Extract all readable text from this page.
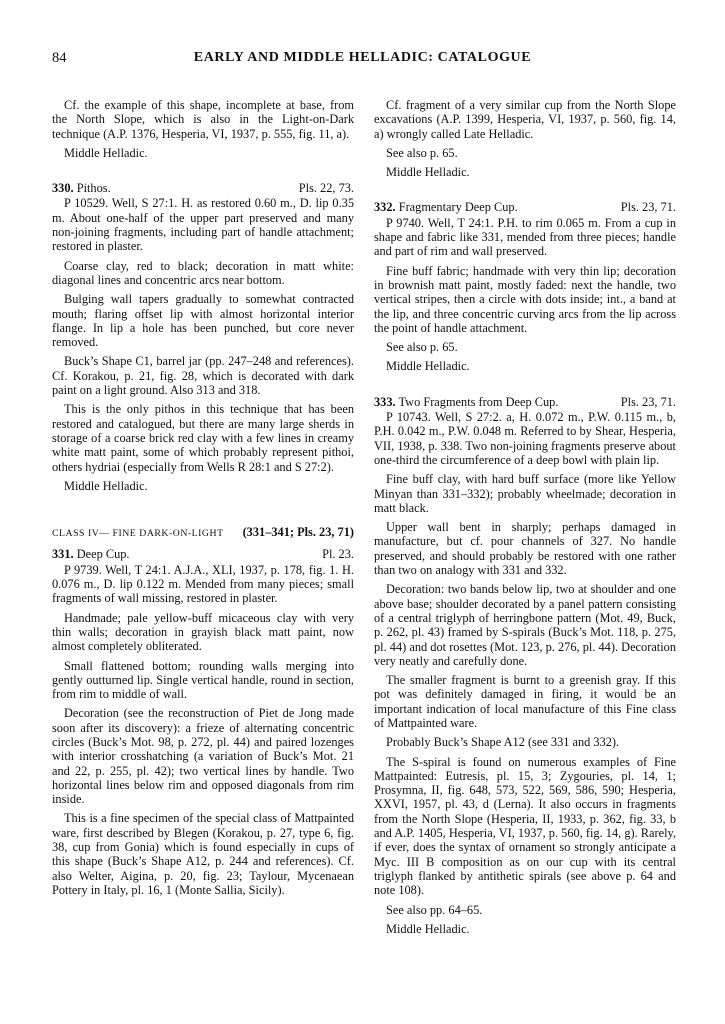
84	EARLY AND MIDDLE HELLADIC: CATALOGUE

Cf. the example of this shape, incomplete at base, from the North Slope, which is also in the Light-on-Dark technique (A.P. 1376, Hesperia, VI, 1937, p. 555, fig. 11, a).

Middle Helladic.

330. Pithos.	Pls. 22, 73.

P 10529. Well, S 27:1. H. as restored 0.60 m., D. lip 0.35 m. About one-half of the upper part preserved and many non-joining fragments, including part of handle attachment; restored in plaster.

Coarse clay, red to black; decoration in matt white: diagonal lines and concentric arcs near bottom.

Bulging wall tapers gradually to somewhat contracted mouth; flaring offset lip with almost horizontal interior flange. In lip a hole has been punched, but core never removed.

Buck’s Shape C1, barrel jar (pp. 247–248 and references). Cf. Korakou, p. 21, fig. 28, which is decorated with dark paint on a light ground. Also 313 and 318.

This is the only pithos in this technique that has been restored and catalogued, but there are many large sherds in storage of a coarse brick red clay with a few lines in creamy white matt paint, some of which probably represent pithoi, others hydriai (especially from Wells R 28:1 and S 27:2).

Middle Helladic.

CLASS IV— FINE DARK-ON-LIGHT (331–341; Pls. 23, 71)
331. Deep Cup.	Pl. 23.

P 9739. Well, T 24:1. A.J.A., XLI, 1937, p. 178, fig. 1. H. 0.076 m., D. lip 0.122 m. Mended from many pieces; small fragments of wall missing, restored in plaster.

Handmade; pale yellow-buff micaceous clay with very thin walls; decoration in grayish black matt paint, now almost completely obliterated.

Small flattened bottom; rounding walls merging into gently outturned lip. Single vertical handle, round in section, from rim to middle of wall.

Decoration (see the reconstruction of Piet de Jong made soon after its discovery): a frieze of alternating concentric circles (Buck’s Mot. 98, p. 272, pl. 44) and paired lozenges with interior crosshatching (a variation of Buck’s Mot. 21 and 22, p. 255, pl. 42); two vertical lines by handle. Two horizontal lines below rim and opposed diagonals from rim inside.

This is a fine specimen of the special class of Mattpainted ware, first described by Blegen (Korakou, p. 27, type 6, fig. 38, cup from Gonia) which is found especially in cups of this shape (Buck’s Shape A12, p. 244 and references). Cf. also Welter, Aigina, p. 20, fig. 23; Taylour, Mycenaean Pottery in Italy, pl. 16, 1 (Monte Sallia, Sicily).

Cf. fragment of a very similar cup from the North Slope excavations (A.P. 1399, Hesperia, VI, 1937, p. 560, fig. 14, a) wrongly called Late Helladic.

See also p. 65.

Middle Helladic.

332. Fragmentary Deep Cup.	Pls. 23, 71.

P 9740. Well, T 24:1. P.H. to rim 0.065 m. From a cup in shape and fabric like 331, mended from three pieces; handle and part of rim and wall preserved.

Fine buff fabric; handmade with very thin lip; decoration in brownish matt paint, mostly faded: next the handle, two vertical stripes, then a circle with dots inside; int., a band at the lip, and three concentric curving arcs from the lip across the point of handle attachment.

See also p. 65.

Middle Helladic.

333. Two Fragments from Deep Cup.	Pls. 23, 71.

P 10743. Well, S 27:2. a, H. 0.072 m., P.W. 0.115 m., b, P.H. 0.042 m., P.W. 0.048 m. Referred to by Shear, Hesperia, VII, 1938, p. 338. Two non-joining fragments preserve about one-third the circumference of a deep bowl with plain lip.

Fine buff clay, with hard buff surface (more like Yellow Minyan than 331–332); probably wheelmade; decoration in matt black.

Upper wall bent in sharply; perhaps damaged in manufacture, but cf. pour channels of 327. No handle preserved, and should probably be restored with one rather than two on analogy with 331 and 332.

Decoration: two bands below lip, two at shoulder and one above base; shoulder decorated by a panel pattern consisting of a central triglyph of herringbone pattern (Mot. 49, Buck, p. 262, pl. 43) framed by S-spirals (Buck’s Mot. 118, p. 275, pl. 44) and dot rosettes (Mot. 123, p. 276, pl. 44). Decoration very neatly and carefully done.

The smaller fragment is burnt to a greenish gray. If this pot was definitely damaged in firing, it would be an important indication of local manufacture of this Fine class of Mattpainted ware.

Probably Buck’s Shape A12 (see 331 and 332).

The S-spiral is found on numerous examples of Fine Mattpainted: Eutresis, pl. 15, 3; Zygouries, pl. 14, 1; Prosymna, II, fig. 648, 573, 522, 569, 586, 590; Hesperia, XXVI, 1957, pl. 43, d (Lerna). It also occurs in fragments from the North Slope (Hesperia, II, 1933, p. 362, fig. 33, b and A.P. 1405, Hesperia, VI, 1937, p. 560, fig. 14, g). Rarely, if ever, does the syntax of ornament so strongly anticipate a Myc. III B composition as on our cup with its central triglyph flanked by antithetic spirals (see above p. 64 and note 108).

See also pp. 64–65.

Middle Helladic.
